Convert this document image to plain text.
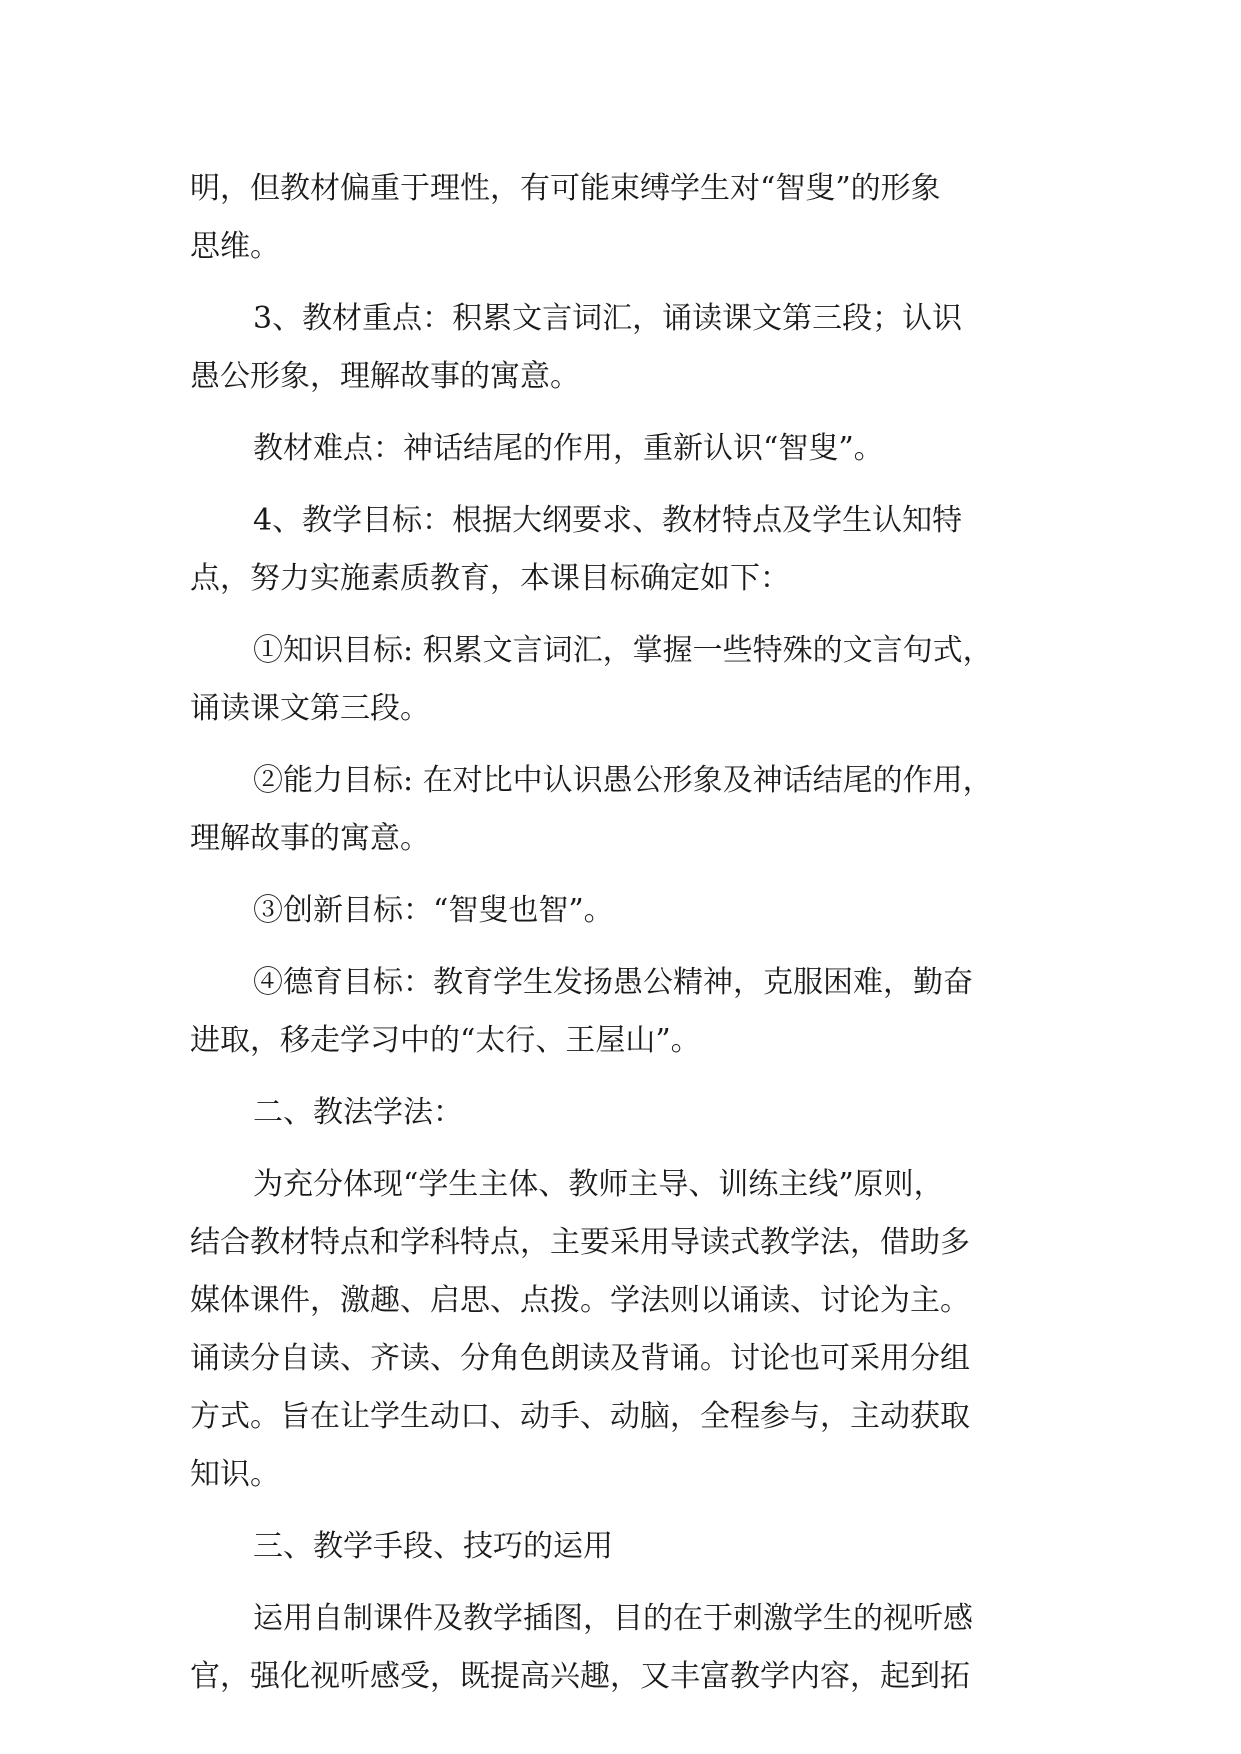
明，但教材偏重于理性，有可能束缚学生对“智叟”的形象
思维。
3、教材重点：积累文言词汇，诵读课文第三段；认识
愚公形象，理解故事的寓意。
教材难点：神话结尾的作用，重新认识“智叟”。
4、教学目标：根据大纲要求、教材特点及学生认知特
点，努力实施素质教育，本课目标确定如下：
①知识目标: 积累文言词汇，掌握一些特殊的文言句式，
诵读课文第三段。
②能力目标: 在对比中认识愚公形象及神话结尾的作用，
理解故事的寓意。
③创新目标：“智叟也智”。
④德育目标：教育学生发扬愚公精神，克服困难，勤奋
进取，移走学习中的“太行、王屋山”。
二、教法学法：
为充分体现“学生主体、教师主导、训练主线”原则，
结合教材特点和学科特点，主要采用导读式教学法，借助多
媒体课件，激趣、启思、点拨。学法则以诵读、讨论为主。
诵读分自读、齐读、分角色朗读及背诵。讨论也可采用分组
方式。旨在让学生动口、动手、动脑，全程参与，主动获取
知识。
三、教学手段、技巧的运用
运用自制课件及教学插图，目的在于刺激学生的视听感
官，强化视听感受，既提高兴趣，又丰富教学内容，起到拓
